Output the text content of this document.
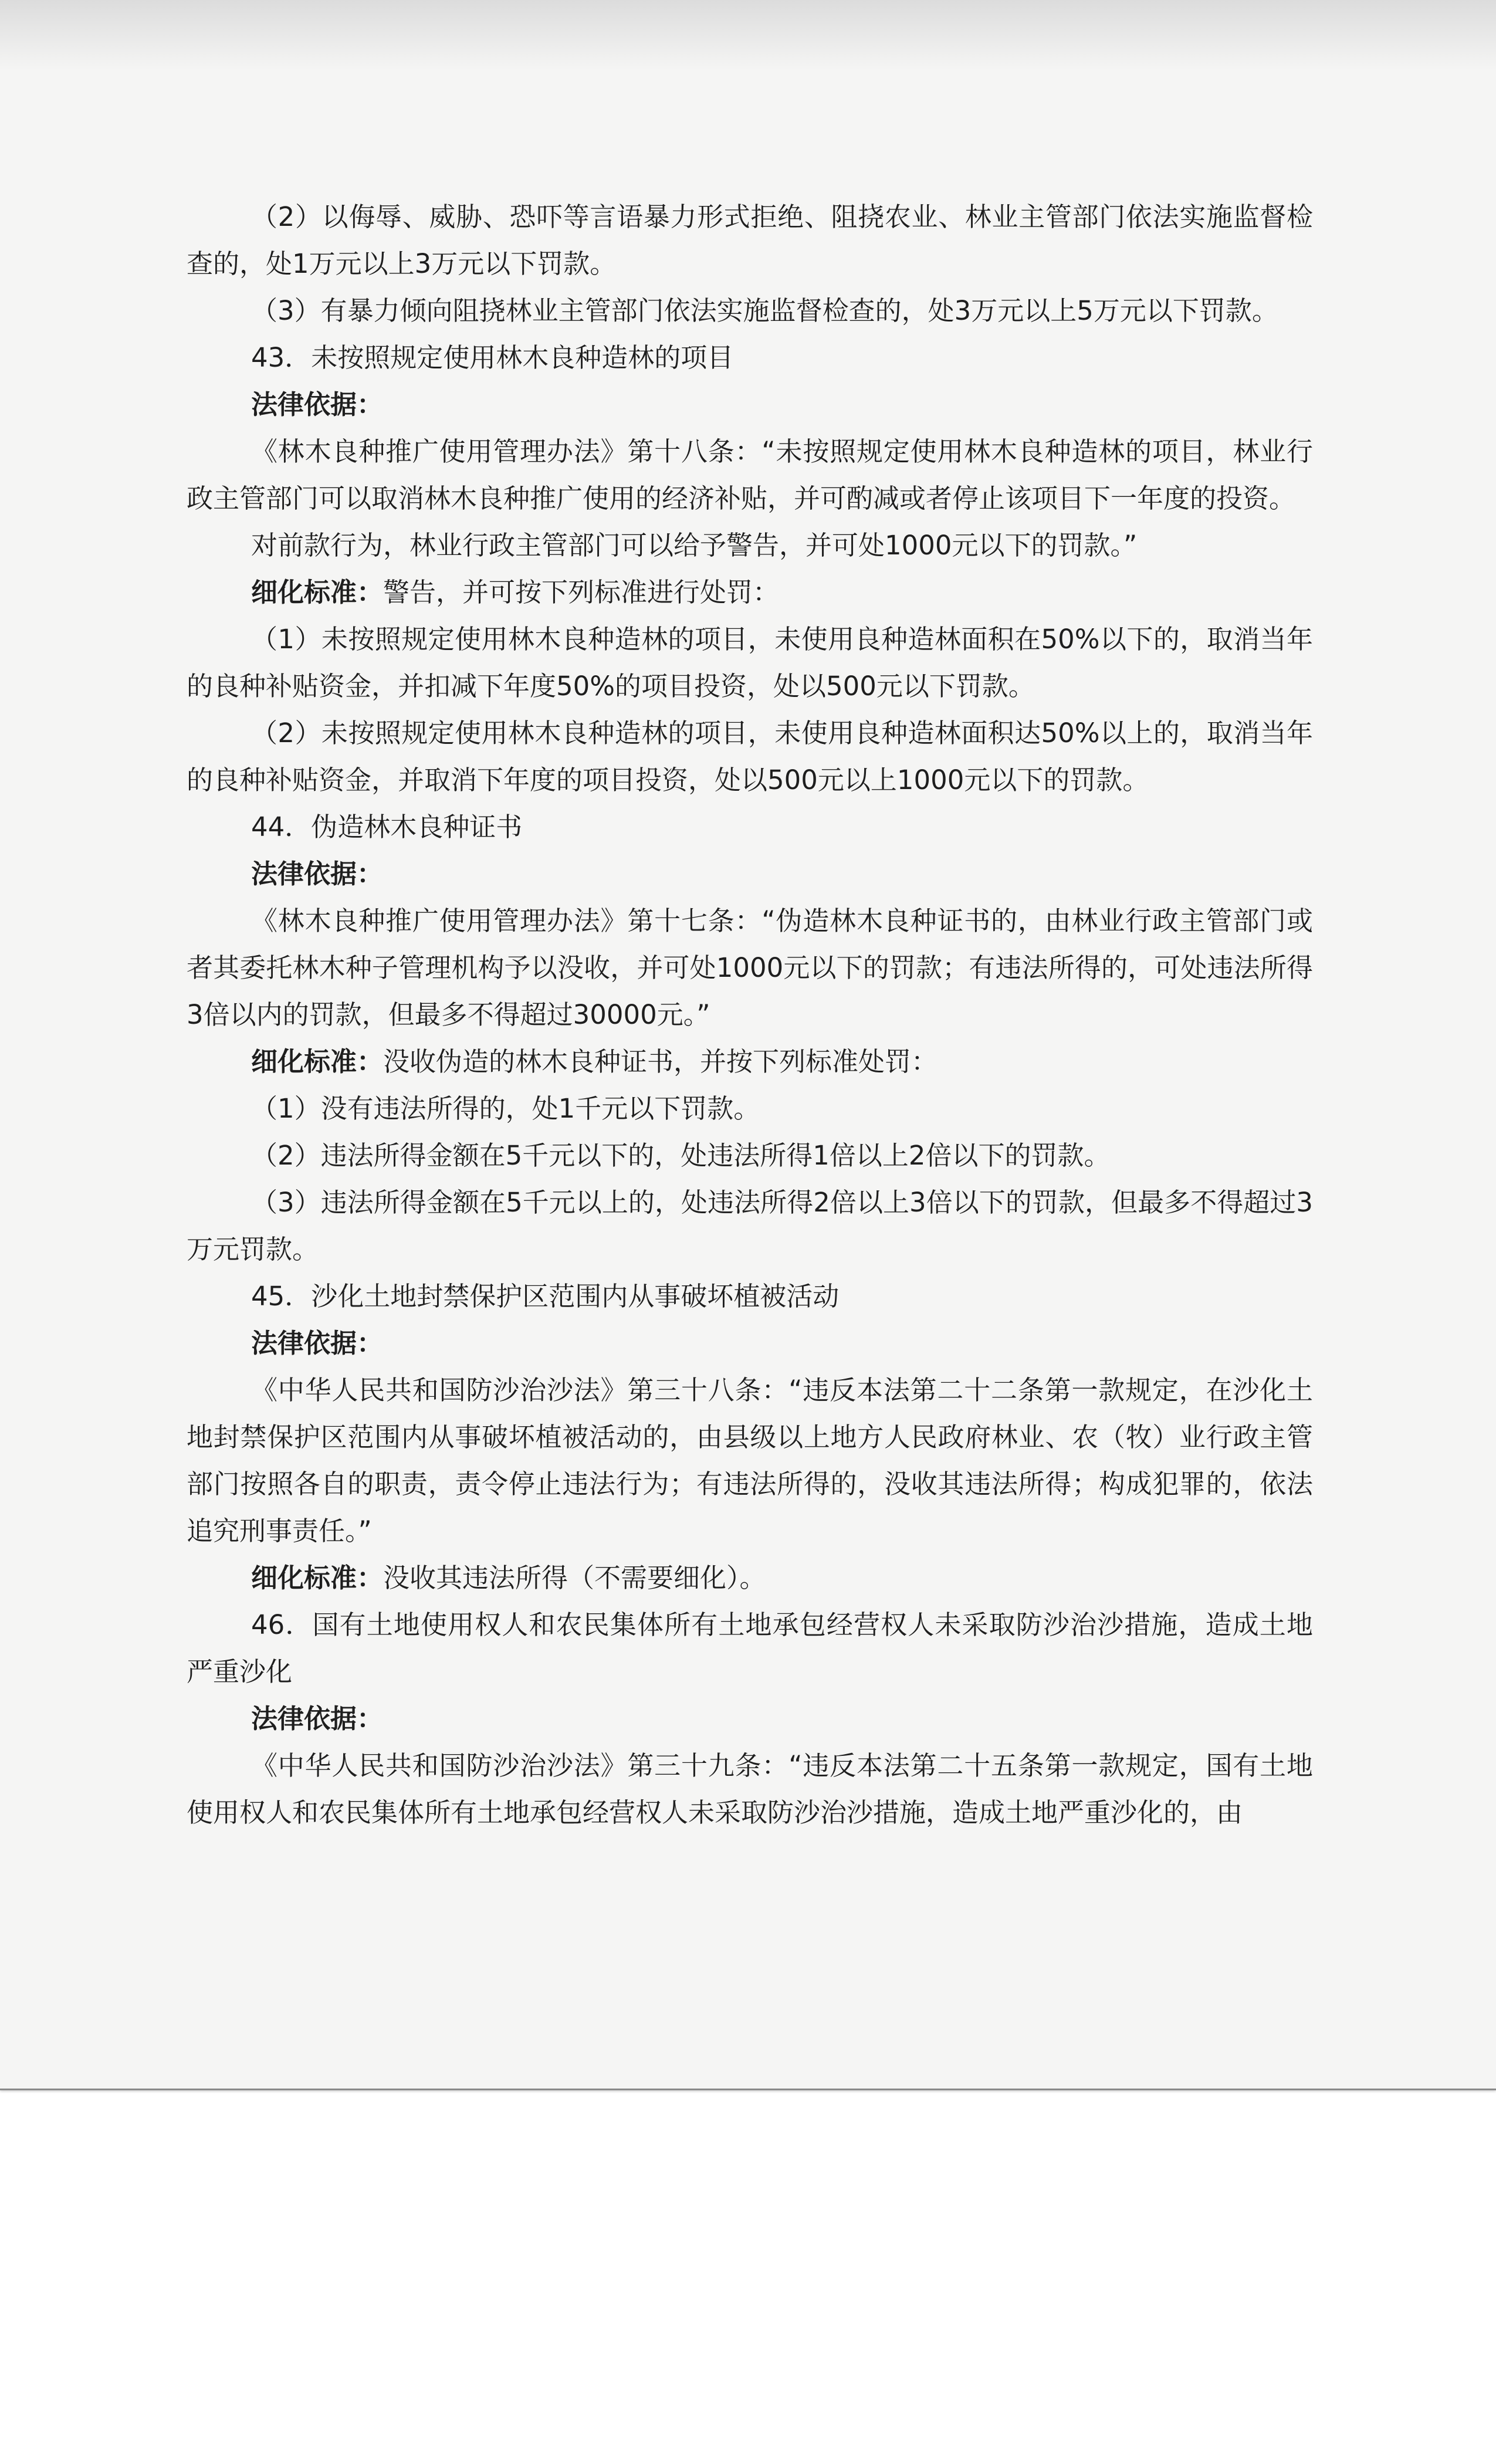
（2）以侮辱、威胁、恐吓等言语暴力形式拒绝、阻挠农业、林业主管部门依法实施监督检查的，处1万元以上3万元以下罚款。

（3）有暴力倾向阻挠林业主管部门依法实施监督检查的，处3万元以上5万元以下罚款。

43．未按照规定使用林木良种造林的项目

法律依据：

《林木良种推广使用管理办法》第十八条：“未按照规定使用林木良种造林的项目，林业行政主管部门可以取消林木良种推广使用的经济补贴，并可酌减或者停止该项目下一年度的投资。

对前款行为，林业行政主管部门可以给予警告，并可处1000元以下的罚款。”

细化标准：警告，并可按下列标准进行处罚：

（1）未按照规定使用林木良种造林的项目，未使用良种造林面积在50%以下的，取消当年的良种补贴资金，并扣减下年度50%的项目投资，处以500元以下罚款。

（2）未按照规定使用林木良种造林的项目，未使用良种造林面积达50%以上的，取消当年的良种补贴资金，并取消下年度的项目投资，处以500元以上1000元以下的罚款。

44．伪造林木良种证书

法律依据：

《林木良种推广使用管理办法》第十七条：“伪造林木良种证书的，由林业行政主管部门或者其委托林木种子管理机构予以没收，并可处1000元以下的罚款；有违法所得的，可处违法所得3倍以内的罚款，但最多不得超过30000元。”

细化标准：没收伪造的林木良种证书，并按下列标准处罚：

（1）没有违法所得的，处1千元以下罚款。

（2）违法所得金额在5千元以下的，处违法所得1倍以上2倍以下的罚款。

（3）违法所得金额在5千元以上的，处违法所得2倍以上3倍以下的罚款，但最多不得超过3万元罚款。

45．沙化土地封禁保护区范围内从事破坏植被活动

法律依据：

《中华人民共和国防沙治沙法》第三十八条：“违反本法第二十二条第一款规定，在沙化土地封禁保护区范围内从事破坏植被活动的，由县级以上地方人民政府林业、农（牧）业行政主管部门按照各自的职责，责令停止违法行为；有违法所得的，没收其违法所得；构成犯罪的，依法追究刑事责任。”

细化标准：没收其违法所得（不需要细化）。

46．国有土地使用权人和农民集体所有土地承包经营权人未采取防沙治沙措施，造成土地严重沙化

法律依据：

《中华人民共和国防沙治沙法》第三十九条：“违反本法第二十五条第一款规定，国有土地使用权人和农民集体所有土地承包经营权人未采取防沙治沙措施，造成土地严重沙化的，由
